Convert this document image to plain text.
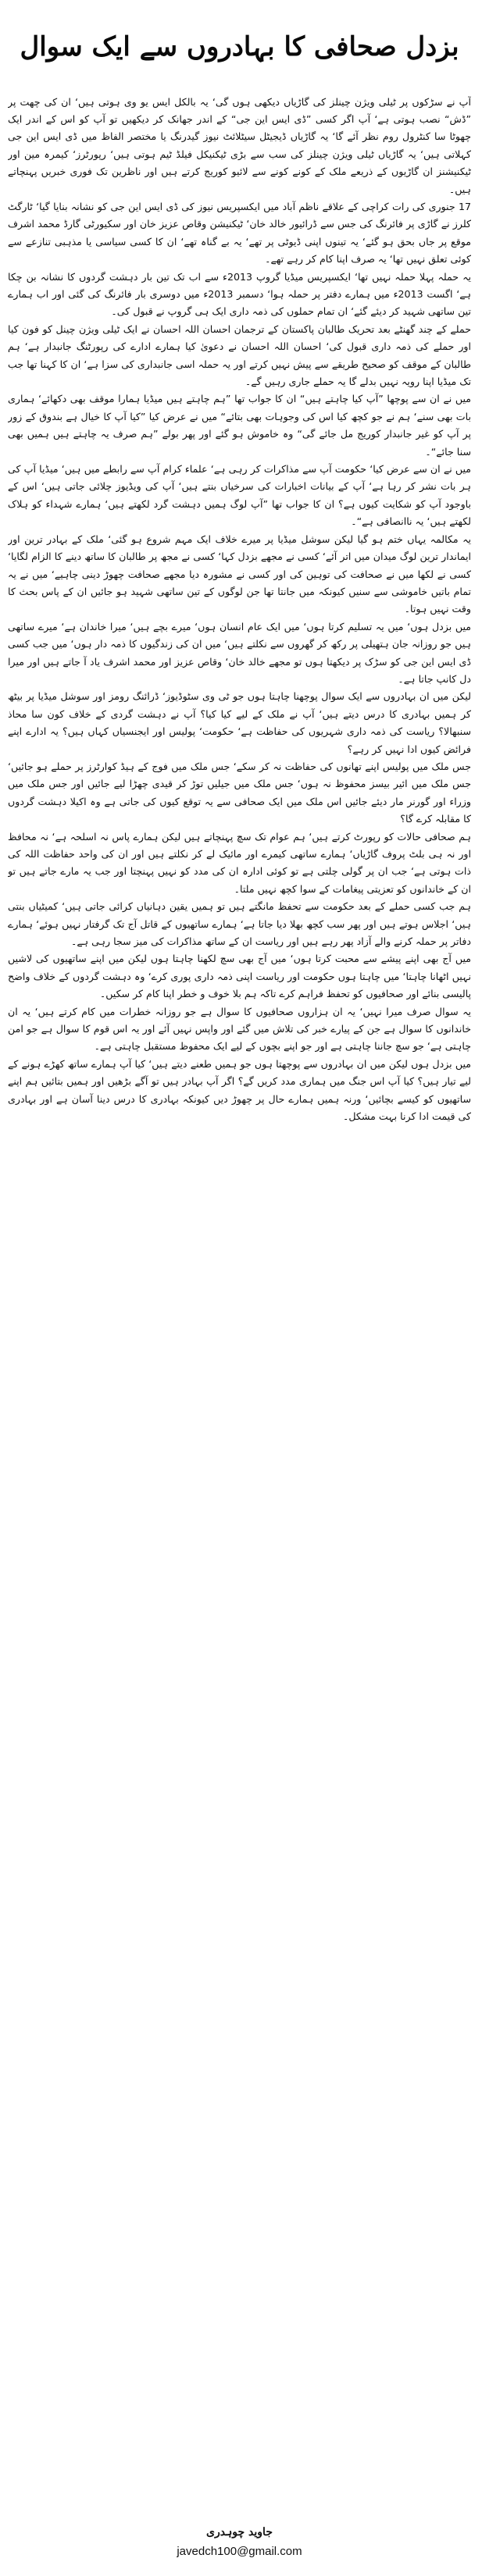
بزدل صحافی کا بہادروں سے ایک سوال

آپ نے سڑکوں پر ٹیلی ویژن چینلز کی گاڑیاں دیکھی ہوں گی‘ یہ بالکل ایس یو وی ہوتی ہیں‘ ان کی چھت پر ”ڈش“ نصب ہوتی ہے‘ آپ اگر کسی ”ڈی ایس این جی“ کے اندر جھانک کر دیکھیں تو آپ کو اس کے اندر ایک چھوٹا سا کنٹرول روم نظر آئے گا‘ یہ گاڑیاں ڈیجیٹل سیٹلائٹ نیوز گیدرنگ یا مختصر الفاظ میں ڈی ایس این جی کہلاتی ہیں‘ یہ گاڑیاں ٹیلی ویژن چینلز کی سب سے بڑی ٹیکنیکل فیلڈ ٹیم ہوتی ہیں‘ رپورٹرز‘ کیمرہ مین اور ٹیکنیشنز ان گاڑیوں کے ذریعے ملک کے کونے کونے سے لائیو کوریج کرتے ہیں اور ناظرین تک فوری خبریں پہنچاتے ہیں۔

17 جنوری کی رات کراچی کے علاقے ناظم آباد میں ایکسپریس نیوز کی ڈی ایس این جی کو نشانہ بنایا گیا‘ ٹارگٹ کلرز نے گاڑی پر فائرنگ کی جس سے ڈرائیور خالد خان‘ ٹیکنیشن وقاص عزیز خان اور سکیورٹی گارڈ محمد اشرف موقع پر جاں بحق ہو گئے‘ یہ تینوں اپنی ڈیوٹی پر تھے‘ یہ بے گناہ تھے‘ ان کا کسی سیاسی یا مذہبی تنازعے سے کوئی تعلق نہیں تھا‘ یہ صرف اپنا کام کر رہے تھے۔

یہ حملہ پہلا حملہ نہیں تھا‘ ایکسپریس میڈیا گروپ 2013ء سے اب تک تین بار دہشت گردوں کا نشانہ بن چکا ہے‘ اگست 2013ء میں ہمارے دفتر پر حملہ ہوا‘ دسمبر 2013ء میں دوسری بار فائرنگ کی گئی اور اب ہمارے تین ساتھی شہید کر دیئے گئے‘ ان تمام حملوں کی ذمہ داری ایک ہی گروپ نے قبول کی۔

حملے کے چند گھنٹے بعد تحریک طالبان پاکستان کے ترجمان احسان اللہ احسان نے ایک ٹیلی ویژن چینل کو فون کیا اور حملے کی ذمہ داری قبول کی‘ احسان اللہ احسان نے دعویٰ کیا ہمارے ادارے کی رپورٹنگ جانبدار ہے‘ ہم طالبان کے موقف کو صحیح طریقے سے پیش نہیں کرتے اور یہ حملہ اسی جانبداری کی سزا ہے‘ ان کا کہنا تھا جب تک میڈیا اپنا رویہ نہیں بدلے گا یہ حملے جاری رہیں گے۔

میں نے ان سے پوچھا ”آپ کیا چاہتے ہیں“ ان کا جواب تھا ”ہم چاہتے ہیں میڈیا ہمارا موقف بھی دکھائے‘ ہماری بات بھی سنے‘ ہم نے جو کچھ کیا اس کی وجوہات بھی بتائے“ میں نے عرض کیا ”کیا آپ کا خیال ہے بندوق کے زور پر آپ کو غیر جانبدار کوریج مل جائے گی“ وہ خاموش ہو گئے اور پھر بولے ”ہم صرف یہ چاہتے ہیں ہمیں بھی سنا جائے“۔

میں نے ان سے عرض کیا‘ حکومت آپ سے مذاکرات کر رہی ہے‘ علماء کرام آپ سے رابطے میں ہیں‘ میڈیا آپ کی ہر بات نشر کر رہا ہے‘ آپ کے بیانات اخبارات کی سرخیاں بنتے ہیں‘ آپ کی ویڈیوز چلائی جاتی ہیں‘ اس کے باوجود آپ کو شکایت کیوں ہے؟ ان کا جواب تھا ”آپ لوگ ہمیں دہشت گرد لکھتے ہیں‘ ہمارے شہداء کو ہلاک لکھتے ہیں‘ یہ ناانصافی ہے“۔

یہ مکالمہ یہاں ختم ہو گیا لیکن سوشل میڈیا پر میرے خلاف ایک مہم شروع ہو گئی‘ ملک کے بہادر ترین اور ایماندار ترین لوگ میدان میں اتر آئے‘ کسی نے مجھے بزدل کہا‘ کسی نے مجھ پر طالبان کا ساتھ دینے کا الزام لگایا‘ کسی نے لکھا میں نے صحافت کی توہین کی اور کسی نے مشورہ دیا مجھے صحافت چھوڑ دینی چاہیے‘ میں نے یہ تمام باتیں خاموشی سے سنیں کیونکہ میں جانتا تھا جن لوگوں کے تین ساتھی شہید ہو جائیں ان کے پاس بحث کا وقت نہیں ہوتا۔

میں بزدل ہوں‘ میں یہ تسلیم کرتا ہوں‘ میں ایک عام انسان ہوں‘ میرے بچے ہیں‘ میرا خاندان ہے‘ میرے ساتھی ہیں جو روزانہ جان ہتھیلی پر رکھ کر گھروں سے نکلتے ہیں‘ میں ان کی زندگیوں کا ذمہ دار ہوں‘ میں جب کسی ڈی ایس این جی کو سڑک پر دیکھتا ہوں تو مجھے خالد خان‘ وقاص عزیز اور محمد اشرف یاد آ جاتے ہیں اور میرا دل کانپ جاتا ہے۔

لیکن میں ان بہادروں سے ایک سوال پوچھنا چاہتا ہوں جو ٹی وی سٹوڈیوز‘ ڈرائنگ رومز اور سوشل میڈیا پر بیٹھ کر ہمیں بہادری کا درس دیتے ہیں‘ آپ نے ملک کے لیے کیا کیا؟ آپ نے دہشت گردی کے خلاف کون سا محاذ سنبھالا؟ ریاست کی ذمہ داری شہریوں کی حفاظت ہے‘ حکومت‘ پولیس اور ایجنسیاں کہاں ہیں؟ یہ ادارے اپنے فرائض کیوں ادا نہیں کر رہے؟

جس ملک میں پولیس اپنے تھانوں کی حفاظت نہ کر سکے‘ جس ملک میں فوج کے ہیڈ کوارٹرز پر حملے ہو جائیں‘ جس ملک میں ائیر بیسز محفوظ نہ ہوں‘ جس ملک میں جیلیں توڑ کر قیدی چھڑا لیے جائیں اور جس ملک میں وزراء اور گورنر مار دیئے جائیں اس ملک میں ایک صحافی سے یہ توقع کیوں کی جاتی ہے وہ اکیلا دہشت گردوں کا مقابلہ کرے گا؟

ہم صحافی حالات کو رپورٹ کرتے ہیں‘ ہم عوام تک سچ پہنچاتے ہیں لیکن ہمارے پاس نہ اسلحہ ہے‘ نہ محافظ اور نہ ہی بلٹ پروف گاڑیاں‘ ہمارے ساتھی کیمرے اور مائیک لے کر نکلتے ہیں اور ان کی واحد حفاظت اللہ کی ذات ہوتی ہے‘ جب ان پر گولی چلتی ہے تو کوئی ادارہ ان کی مدد کو نہیں پہنچتا اور جب یہ مارے جاتے ہیں تو ان کے خاندانوں کو تعزیتی پیغامات کے سوا کچھ نہیں ملتا۔

ہم جب کسی حملے کے بعد حکومت سے تحفظ مانگتے ہیں تو ہمیں یقین دہانیاں کرائی جاتی ہیں‘ کمیٹیاں بنتی ہیں‘ اجلاس ہوتے ہیں اور پھر سب کچھ بھلا دیا جاتا ہے‘ ہمارے ساتھیوں کے قاتل آج تک گرفتار نہیں ہوئے‘ ہمارے دفاتر پر حملہ کرنے والے آزاد پھر رہے ہیں اور ریاست ان کے ساتھ مذاکرات کی میز سجا رہی ہے۔

میں آج بھی اپنے پیشے سے محبت کرتا ہوں‘ میں آج بھی سچ لکھنا چاہتا ہوں لیکن میں اپنے ساتھیوں کی لاشیں نہیں اٹھانا چاہتا‘ میں چاہتا ہوں حکومت اور ریاست اپنی ذمہ داری پوری کرے‘ وہ دہشت گردوں کے خلاف واضح پالیسی بنائے اور صحافیوں کو تحفظ فراہم کرے تاکہ ہم بلا خوف و خطر اپنا کام کر سکیں۔

یہ سوال صرف میرا نہیں‘ یہ ان ہزاروں صحافیوں کا سوال ہے جو روزانہ خطرات میں کام کرتے ہیں‘ یہ ان خاندانوں کا سوال ہے جن کے پیارے خبر کی تلاش میں گئے اور واپس نہیں آئے اور یہ اس قوم کا سوال ہے جو امن چاہتی ہے‘ جو سچ جاننا چاہتی ہے اور جو اپنے بچوں کے لیے ایک محفوظ مستقبل چاہتی ہے۔

میں بزدل ہوں لیکن میں ان بہادروں سے پوچھتا ہوں جو ہمیں طعنے دیتے ہیں‘ کیا آپ ہمارے ساتھ کھڑے ہونے کے لیے تیار ہیں؟ کیا آپ اس جنگ میں ہماری مدد کریں گے؟ اگر آپ بہادر ہیں تو آگے بڑھیں اور ہمیں بتائیں ہم اپنے ساتھیوں کو کیسے بچائیں‘ ورنہ ہمیں ہمارے حال پر چھوڑ دیں کیونکہ بہادری کا درس دینا آسان ہے اور بہادری کی قیمت ادا کرنا بہت مشکل۔

جاوید چوہدری
javedch100@gmail.com
